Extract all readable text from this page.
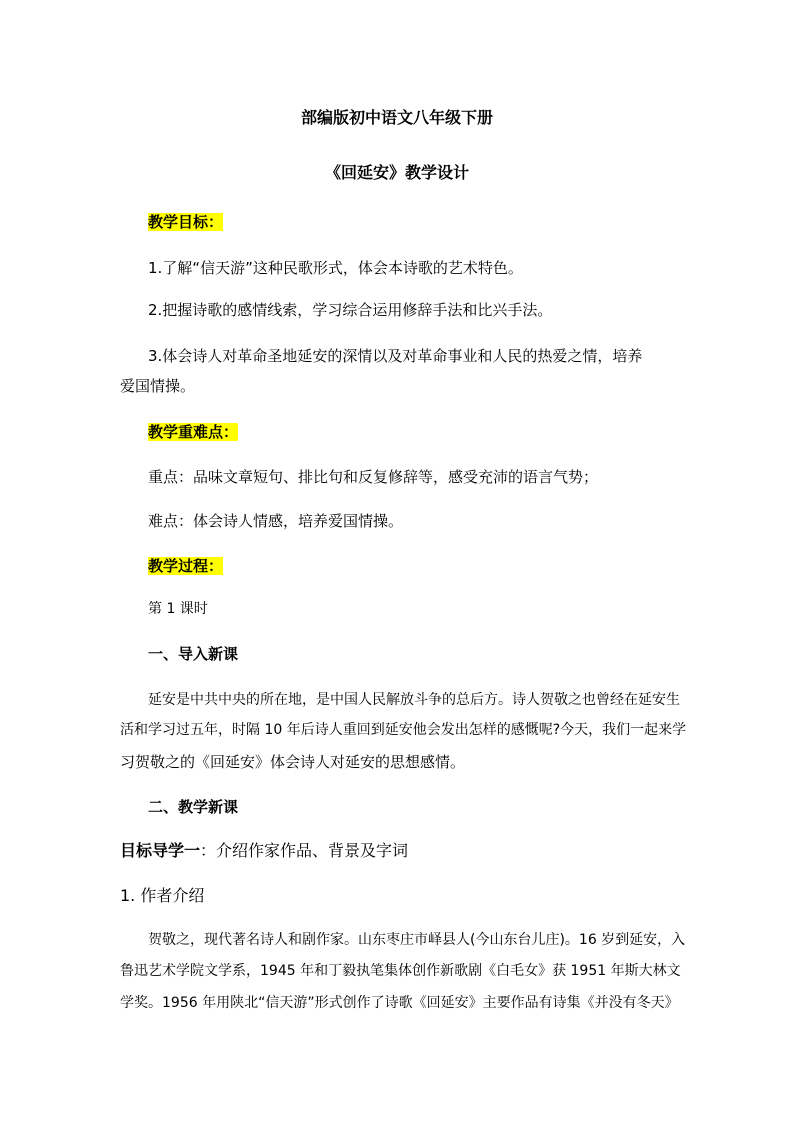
部编版初中语文八年级下册
《回延安》教学设计
教学目标：
1.了解“信天游”这种民歌形式，体会本诗歌的艺术特色。
2.把握诗歌的感情线索，学习综合运用修辞手法和比兴手法。
3.体会诗人对革命圣地延安的深情以及对革命事业和人民的热爱之情，培养
爱国情操。
教学重难点：
重点：品味文章短句、排比句和反复修辞等，感受充沛的语言气势；
难点：体会诗人情感，培养爱国情操。
教学过程：
第 1 课时
一、导入新课
延安是中共中央的所在地，是中国人民解放斗争的总后方。诗人贺敬之也曾经在延安生
活和学习过五年，时隔 10 年后诗人重回到延安他会发出怎样的感慨呢?今天，我们一起来学
习贺敬之的《回延安》体会诗人对延安的思想感情。
二、教学新课
目标导学一：介绍作家作品、背景及字词
1. 作者介绍
贺敬之，现代著名诗人和剧作家。山东枣庄市峄县人(今山东台儿庄)。16 岁到延安，入
鲁迅艺术学院文学系，1945 年和丁毅执笔集体创作新歌剧《白毛女》获 1951 年斯大林文
学奖。1956 年用陕北“信天游”形式创作了诗歌《回延安》主要作品有诗集《并没有冬天》
